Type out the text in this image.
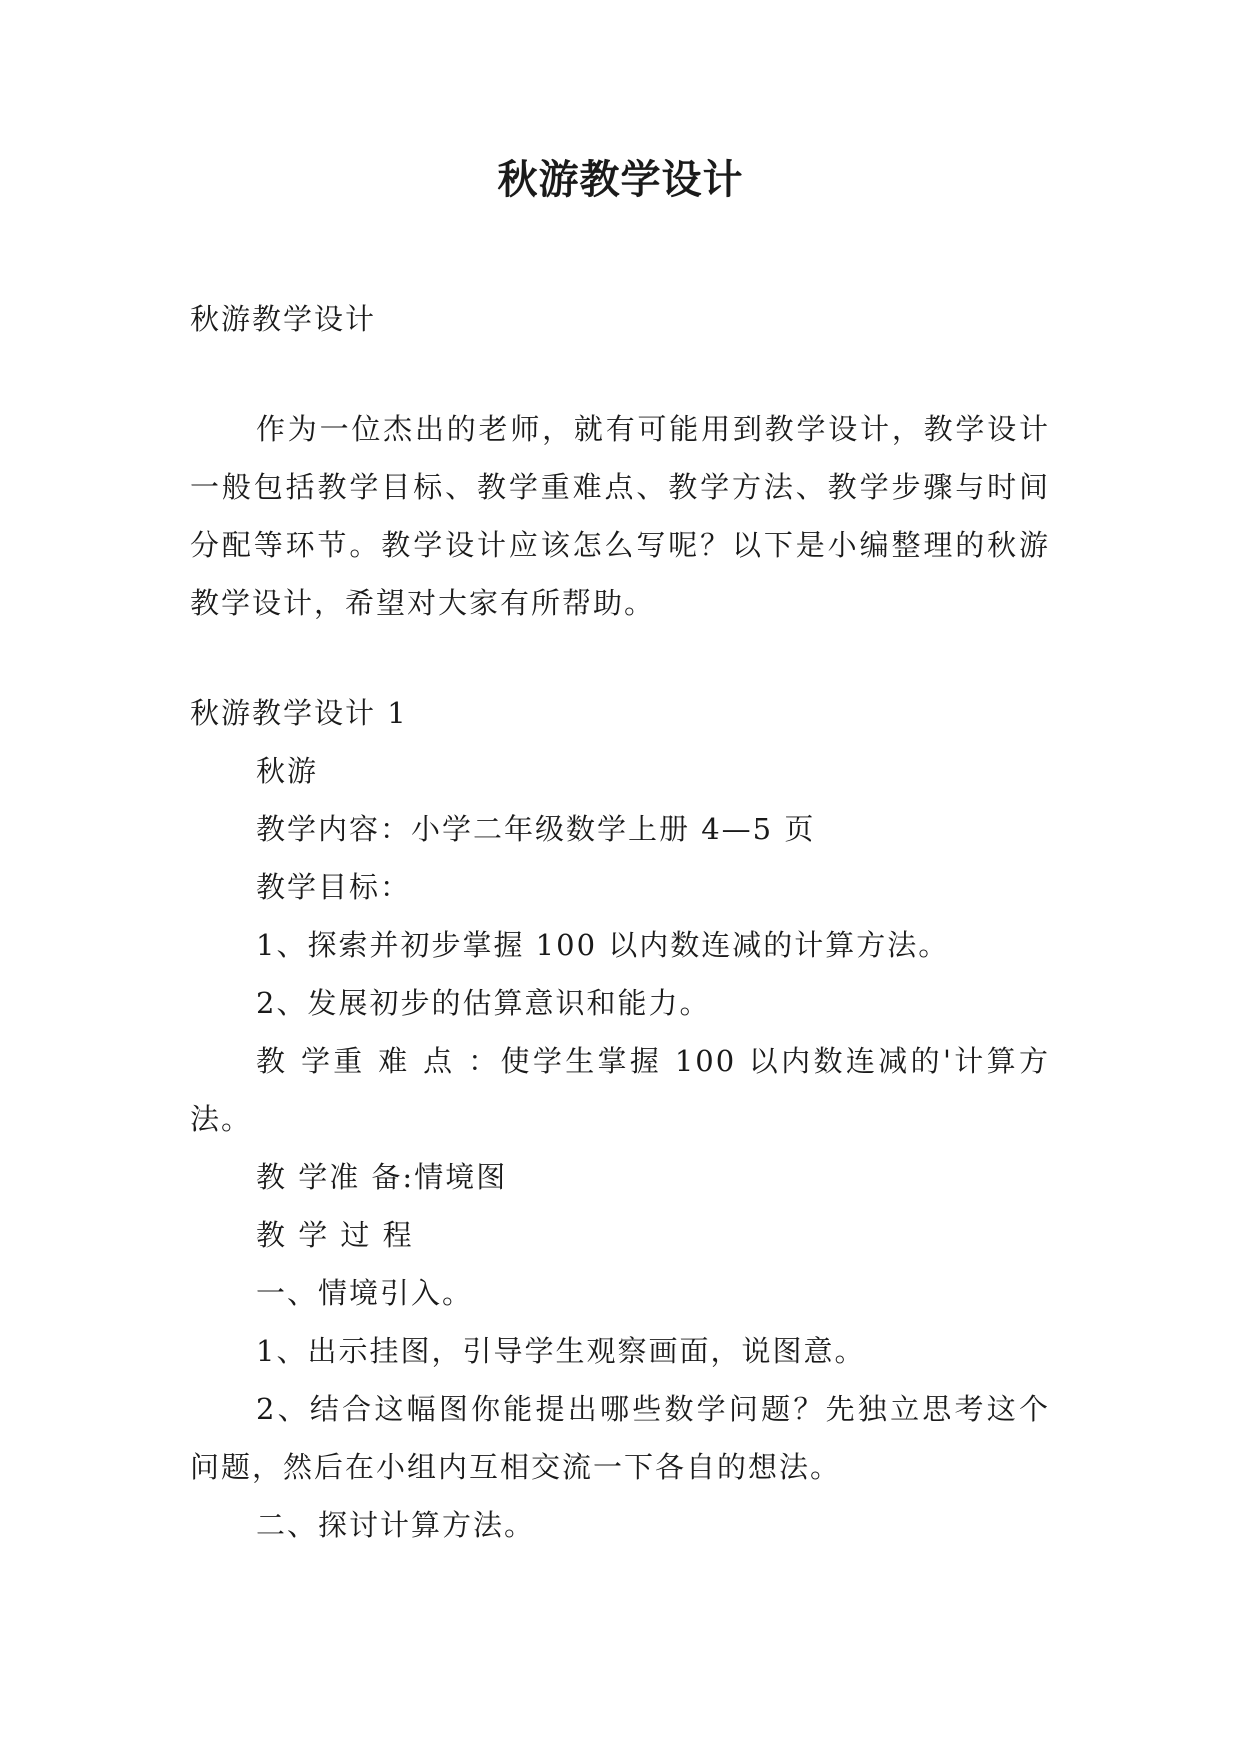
秋游教学设计

秋游教学设计

作为一位杰出的老师，就有可能用到教学设计，教学设计一般包括教学目标、教学重难点、教学方法、教学步骤与时间分配等环节。教学设计应该怎么写呢？以下是小编整理的秋游教学设计，希望对大家有所帮助。

秋游教学设计 1

秋游

教学内容：小学二年级数学上册 4—5 页

教学目标：

1、探索并初步掌握 100 以内数连减的计算方法。

2、发展初步的估算意识和能力。

教 学重 难 点 ：使学生掌握 100 以内数连减的'计算方法。

教 学准 备:情境图

教 学 过 程

一、情境引入。

1、出示挂图，引导学生观察画面，说图意。

2、结合这幅图你能提出哪些数学问题？先独立思考这个问题，然后在小组内互相交流一下各自的想法。

二、探讨计算方法。
